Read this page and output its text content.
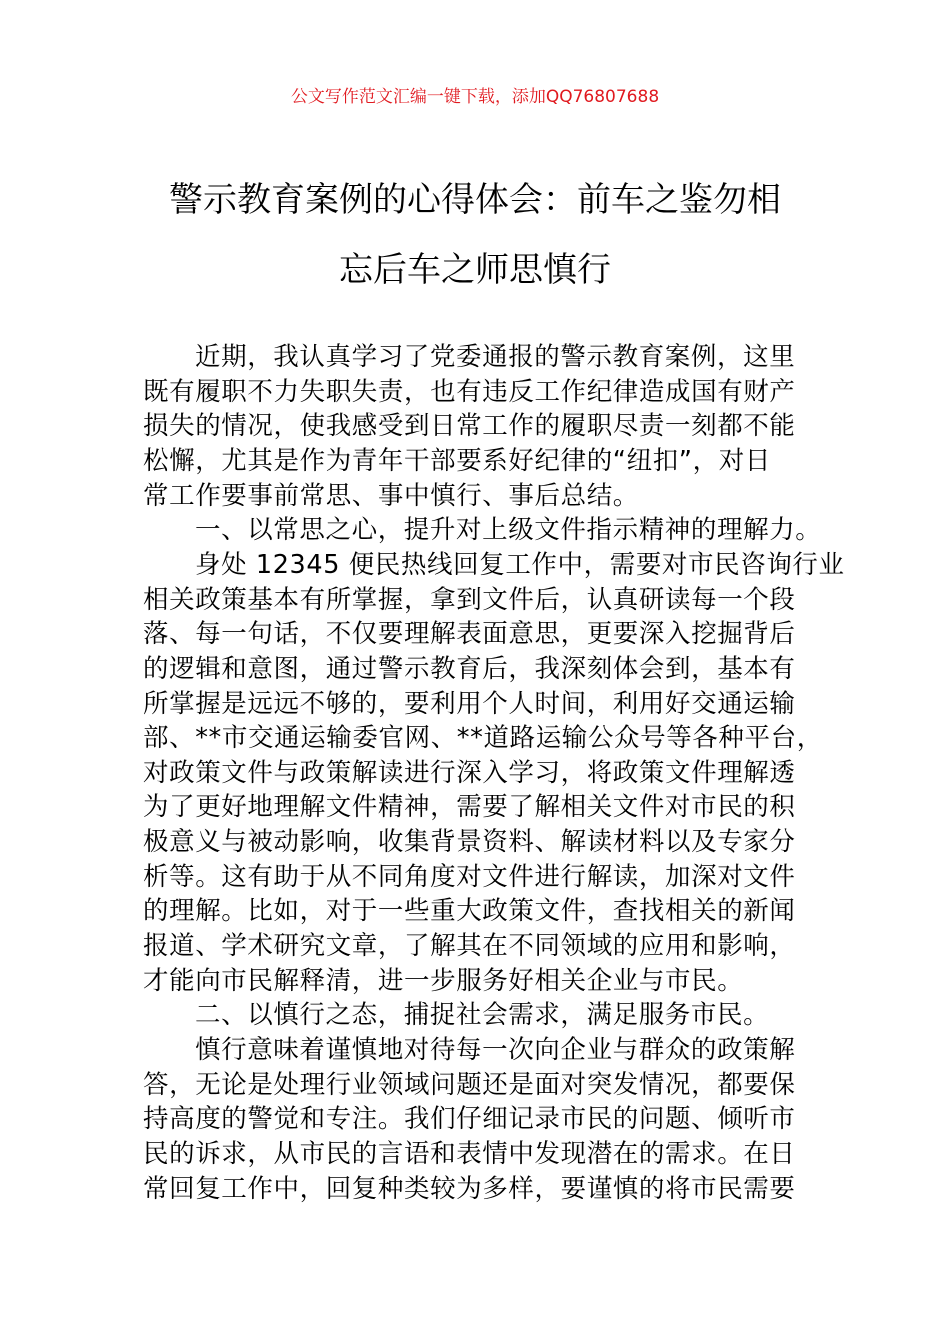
公文写作范文汇编一键下载，添加QQ76807688
警示教育案例的心得体会：前车之鉴勿相
忘后车之师思慎行
近期，我认真学习了党委通报的警示教育案例，这里
既有履职不力失职失责，也有违反工作纪律造成国有财产
损失的情况，使我感受到日常工作的履职尽责一刻都不能
松懈，尤其是作为青年干部要系好纪律的“纽扣”，对日
常工作要事前常思、事中慎行、事后总结。
一、以常思之心，提升对上级文件指示精神的理解力。
身处 12345 便民热线回复工作中，需要对市民咨询行业
相关政策基本有所掌握，拿到文件后，认真研读每一个段
落、每一句话，不仅要理解表面意思，更要深入挖掘背后
的逻辑和意图，通过警示教育后，我深刻体会到，基本有
所掌握是远远不够的，要利用个人时间，利用好交通运输
部、**市交通运输委官网、**道路运输公众号等各种平台，
对政策文件与政策解读进行深入学习，将政策文件理解透
为了更好地理解文件精神，需要了解相关文件对市民的积
极意义与被动影响，收集背景资料、解读材料以及专家分
析等。这有助于从不同角度对文件进行解读，加深对文件
的理解。比如，对于一些重大政策文件，查找相关的新闻
报道、学术研究文章，了解其在不同领域的应用和影响，
才能向市民解释清，进一步服务好相关企业与市民。
二、以慎行之态，捕捉社会需求，满足服务市民。
慎行意味着谨慎地对待每一次向企业与群众的政策解
答，无论是处理行业领域问题还是面对突发情况，都要保
持高度的警觉和专注。我们仔细记录市民的问题、倾听市
民的诉求，从市民的言语和表情中发现潜在的需求。在日
常回复工作中，回复种类较为多样，要谨慎的将市民需要
